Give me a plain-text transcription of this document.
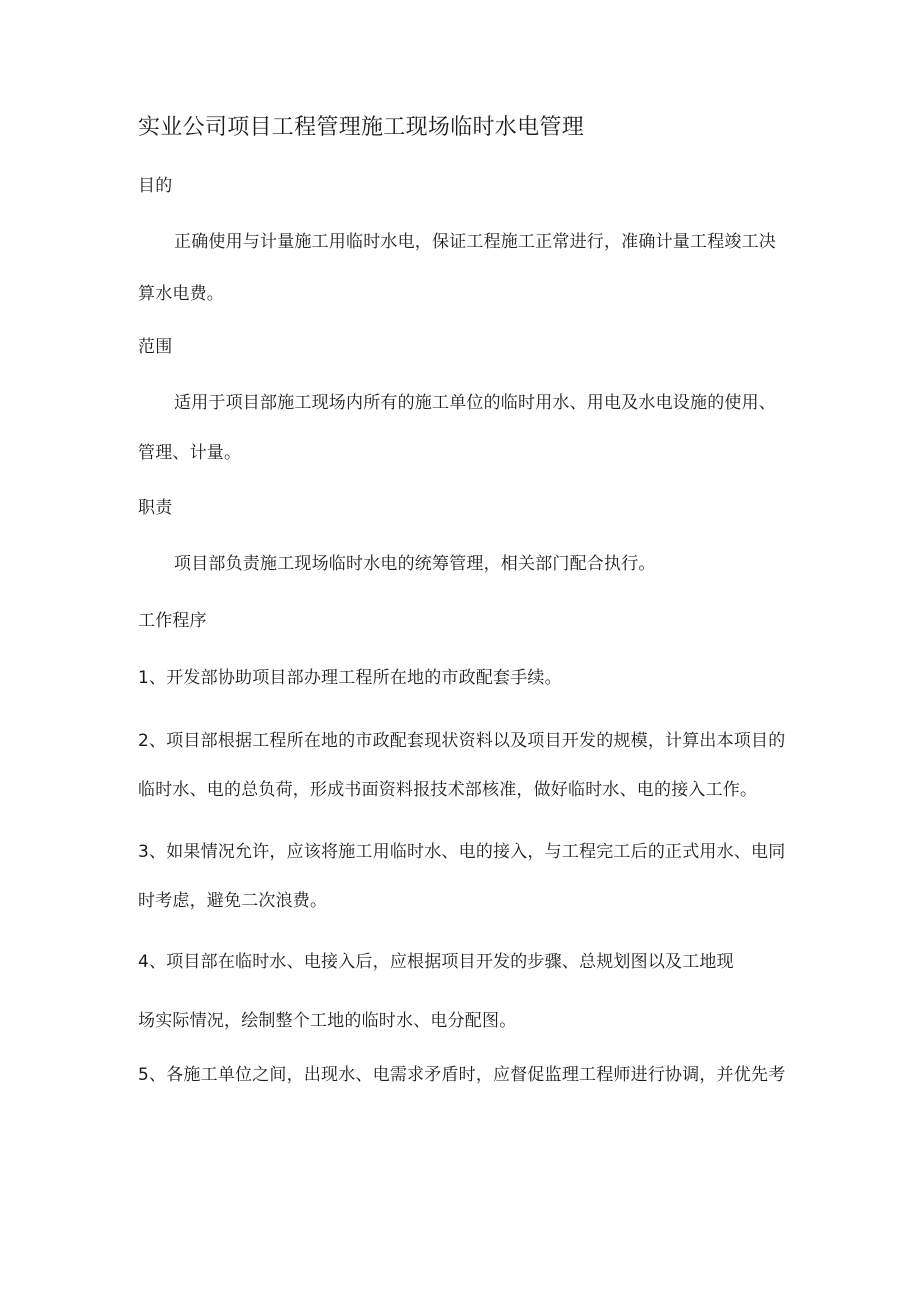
实业公司项目工程管理施工现场临时水电管理
目的
正确使用与计量施工用临时水电，保证工程施工正常进行，准确计量工程竣工决
算水电费。
范围
适用于项目部施工现场内所有的施工单位的临时用水、用电及水电设施的使用、
管理、计量。
职责
项目部负责施工现场临时水电的统筹管理，相关部门配合执行。
工作程序
1、开发部协助项目部办理工程所在地的市政配套手续。
2、项目部根据工程所在地的市政配套现状资料以及项目开发的规模，计算出本项目的
临时水、电的总负荷，形成书面资料报技术部核准，做好临时水、电的接入工作。
3、如果情况允许，应该将施工用临时水、电的接入，与工程完工后的正式用水、电同
时考虑，避免二次浪费。
4、项目部在临时水、电接入后，应根据项目开发的步骤、总规划图以及工地现
场实际情况，绘制整个工地的临时水、电分配图。
5、各施工单位之间，出现水、电需求矛盾时，应督促监理工程师进行协调，并优先考
